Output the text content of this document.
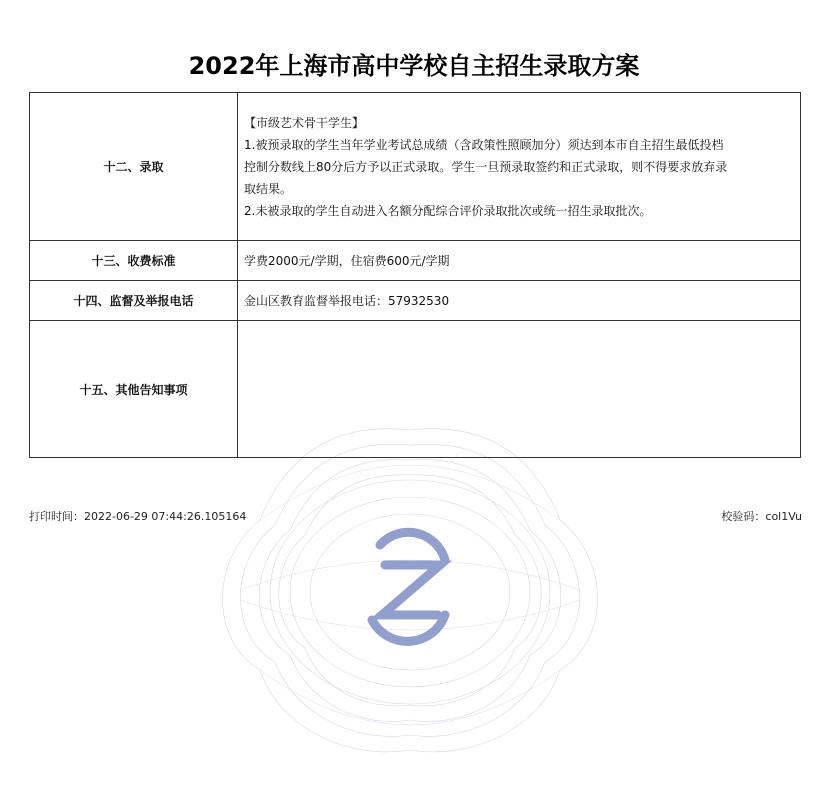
2022年上海市高中学校自主招生录取方案
十二、录取	【市级艺术骨干学生】
1.被预录取的学生当年学业考试总成绩（含政策性照顾加分）须达到本市自主招生最低投档
控制分数线上80分后方予以正式录取。学生一旦预录取签约和正式录取，则不得要求放弃录
取结果。
2.未被录取的学生自动进入名额分配综合评价录取批次或统一招生录取批次。

十三、收费标准	学费2000元/学期，住宿费600元/学期
十四、监督及举报电话	金山区教育监督举报电话：57932530
十五、其他告知事项	
打印时间：2022-06-29 07:44:26.105164	校验码：col1Vu
